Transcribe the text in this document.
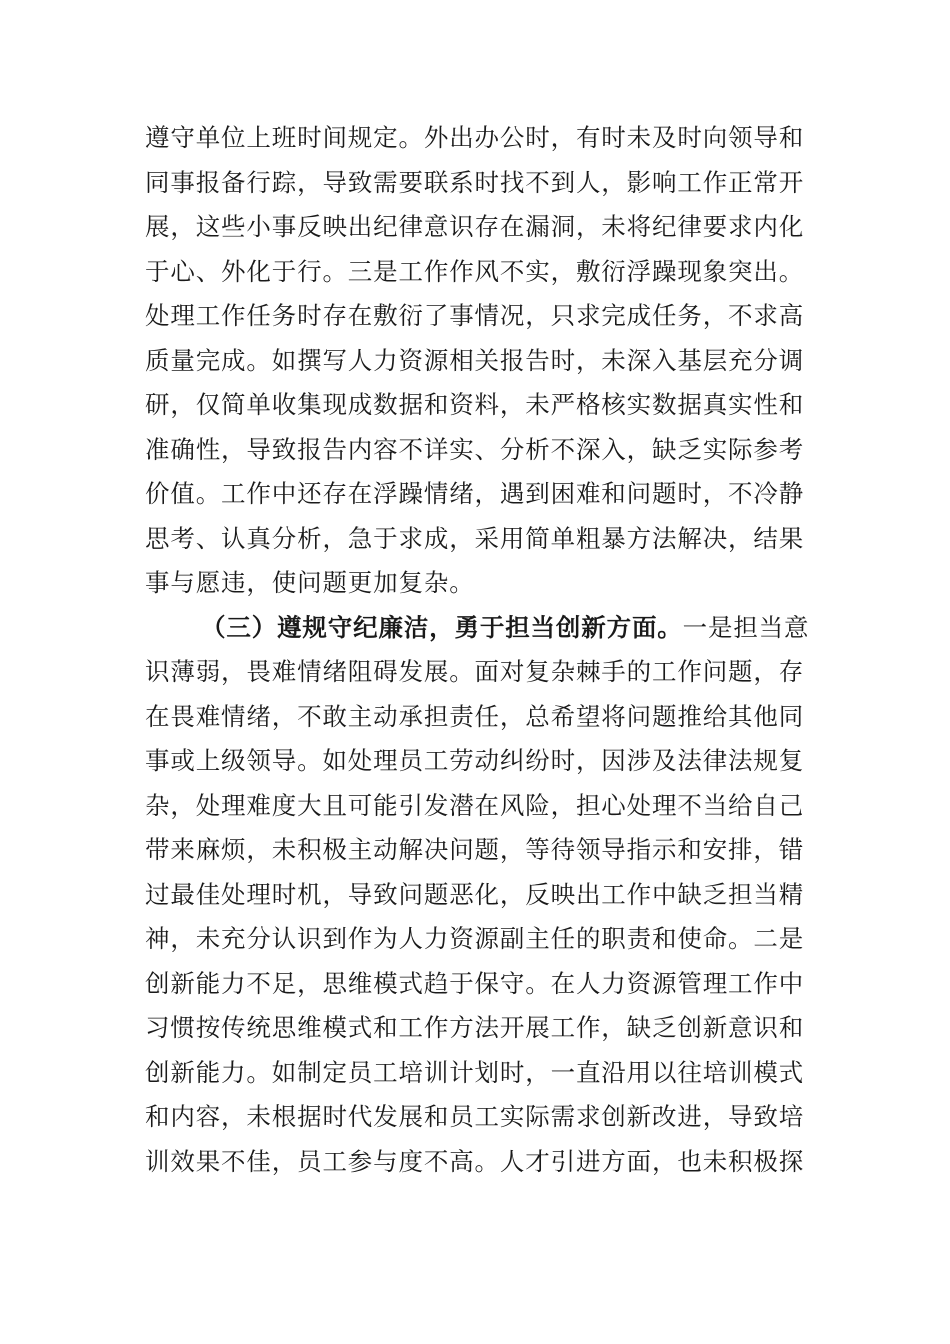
遵守单位上班时间规定。外出办公时，有时未及时向领导和
同事报备行踪，导致需要联系时找不到人，影响工作正常开
展，这些小事反映出纪律意识存在漏洞，未将纪律要求内化
于心、外化于行。三是工作作风不实，敷衍浮躁现象突出。
处理工作任务时存在敷衍了事情况，只求完成任务，不求高
质量完成。如撰写人力资源相关报告时，未深入基层充分调
研，仅简单收集现成数据和资料，未严格核实数据真实性和
准确性，导致报告内容不详实、分析不深入，缺乏实际参考
价值。工作中还存在浮躁情绪，遇到困难和问题时，不冷静
思考、认真分析，急于求成，采用简单粗暴方法解决，结果
事与愿违，使问题更加复杂。
（三）遵规守纪廉洁，勇于担当创新方面。一是担当意
识薄弱，畏难情绪阻碍发展。面对复杂棘手的工作问题，存
在畏难情绪，不敢主动承担责任，总希望将问题推给其他同
事或上级领导。如处理员工劳动纠纷时，因涉及法律法规复
杂，处理难度大且可能引发潜在风险，担心处理不当给自己
带来麻烦，未积极主动解决问题，等待领导指示和安排，错
过最佳处理时机，导致问题恶化，反映出工作中缺乏担当精
神，未充分认识到作为人力资源副主任的职责和使命。二是
创新能力不足，思维模式趋于保守。在人力资源管理工作中
习惯按传统思维模式和工作方法开展工作，缺乏创新意识和
创新能力。如制定员工培训计划时，一直沿用以往培训模式
和内容，未根据时代发展和员工实际需求创新改进，导致培
训效果不佳，员工参与度不高。人才引进方面，也未积极探
